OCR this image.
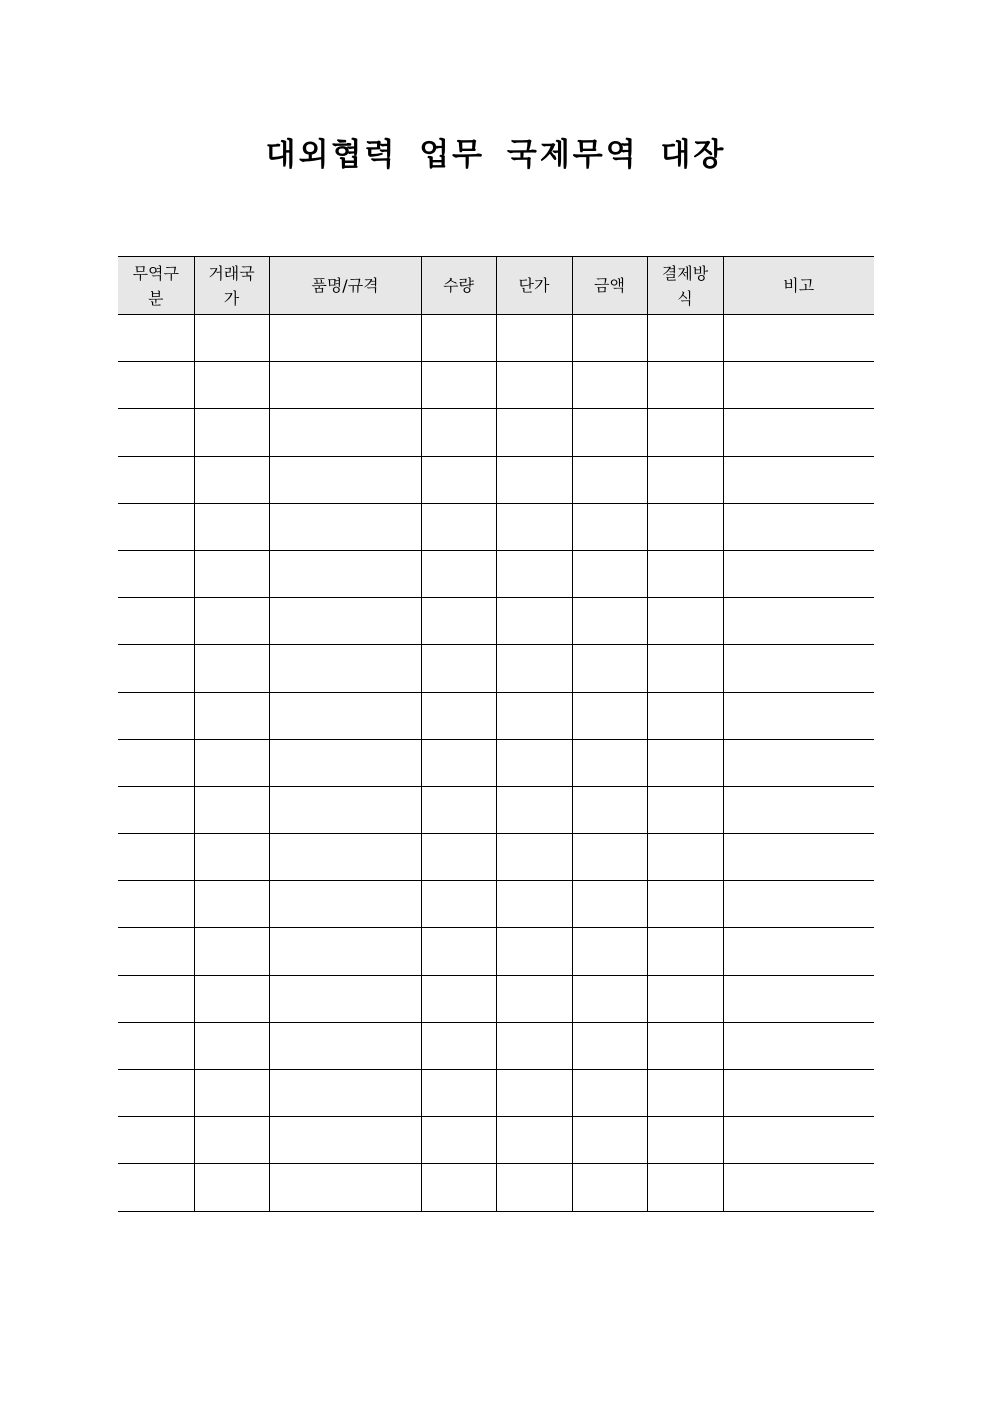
대외협력 업무 국제무역 대장
무역구분	거래국가	품명/규격	수량	단가	금액	결제방식	비고
